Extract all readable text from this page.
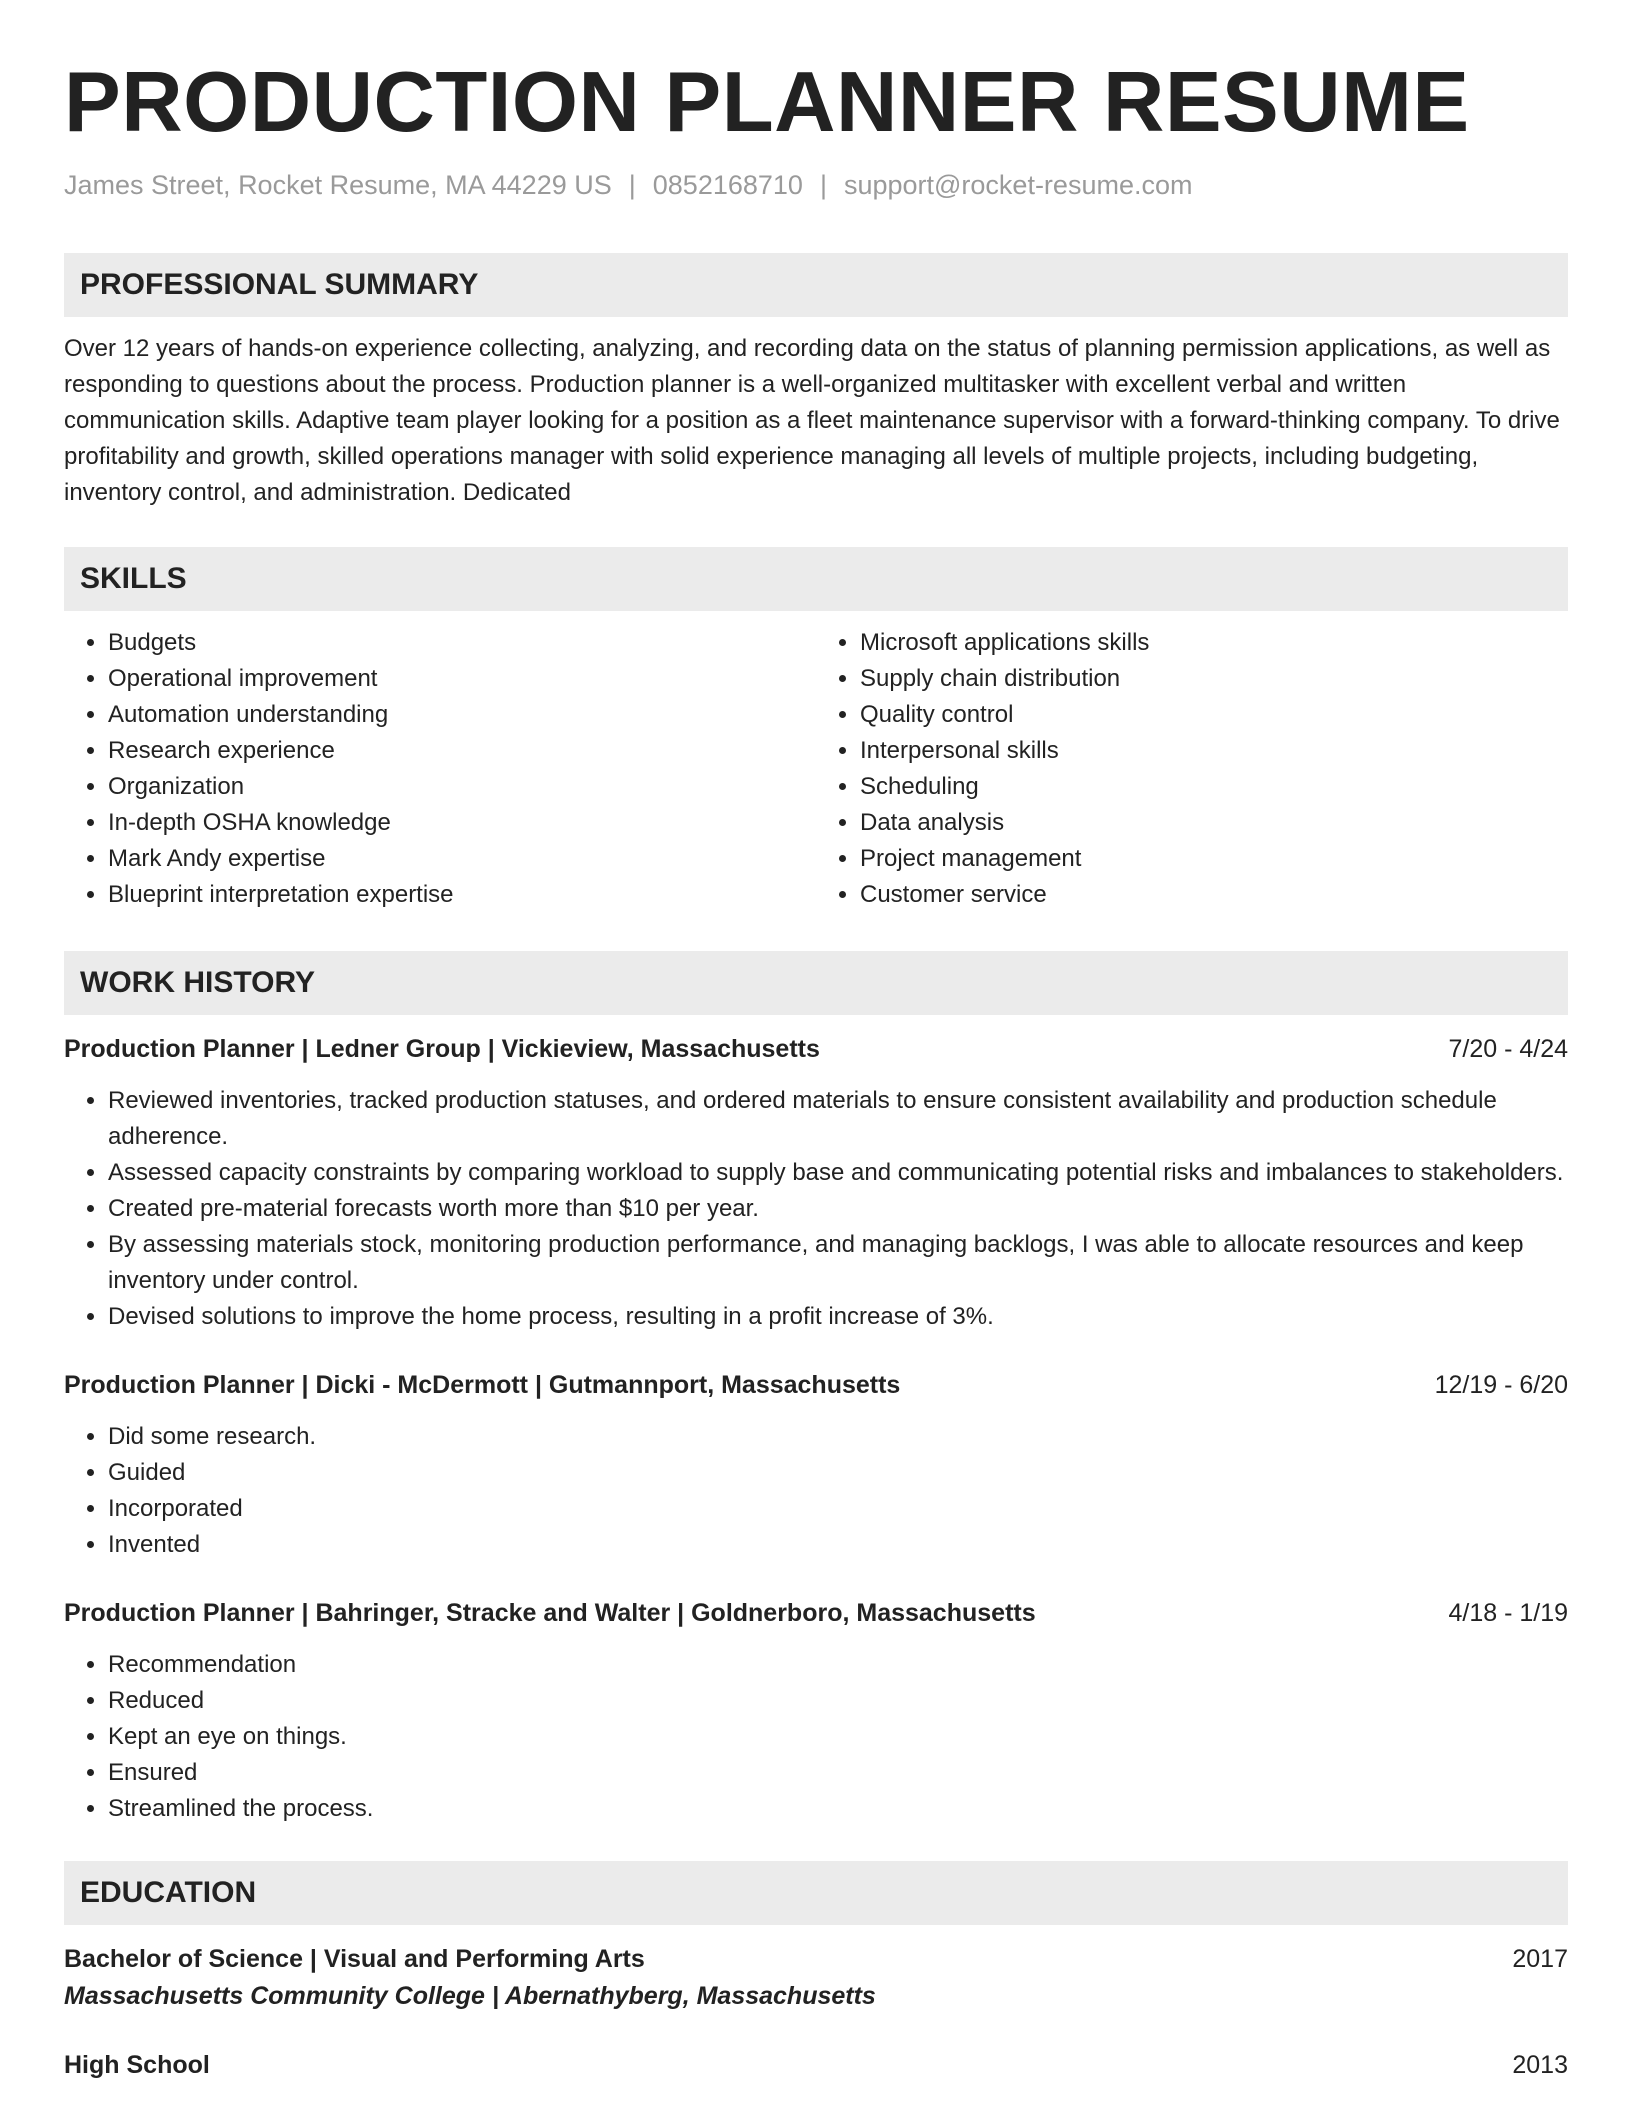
PRODUCTION PLANNER RESUME
James Street, Rocket Resume, MA 44229 US | 0852168710 | support@rocket-resume.com
PROFESSIONAL SUMMARY
Over 12 years of hands-on experience collecting, analyzing, and recording data on the status of planning permission applications, as well as responding to questions about the process. Production planner is a well-organized multitasker with excellent verbal and written communication skills. Adaptive team player looking for a position as a fleet maintenance supervisor with a forward-thinking company. To drive profitability and growth, skilled operations manager with solid experience managing all levels of multiple projects, including budgeting, inventory control, and administration. Dedicated
SKILLS
• Budgets
• Operational improvement
• Automation understanding
• Research experience
• Organization
• In-depth OSHA knowledge
• Mark Andy expertise
• Blueprint interpretation expertise
• Microsoft applications skills
• Supply chain distribution
• Quality control
• Interpersonal skills
• Scheduling
• Data analysis
• Project management
• Customer service
WORK HISTORY
Production Planner | Ledner Group | Vickieview, Massachusetts	7/20 - 4/24
• Reviewed inventories, tracked production statuses, and ordered materials to ensure consistent availability and production schedule adherence.
• Assessed capacity constraints by comparing workload to supply base and communicating potential risks and imbalances to stakeholders.
• Created pre-material forecasts worth more than $10 per year.
• By assessing materials stock, monitoring production performance, and managing backlogs, I was able to allocate resources and keep inventory under control.
• Devised solutions to improve the home process, resulting in a profit increase of 3%.
Production Planner | Dicki - McDermott | Gutmannport, Massachusetts	12/19 - 6/20
• Did some research.
• Guided
• Incorporated
• Invented
Production Planner | Bahringer, Stracke and Walter | Goldnerboro, Massachusetts	4/18 - 1/19
• Recommendation
• Reduced
• Kept an eye on things.
• Ensured
• Streamlined the process.
EDUCATION
Bachelor of Science | Visual and Performing Arts	2017
Massachusetts Community College | Abernathyberg, Massachusetts
High School	2013
